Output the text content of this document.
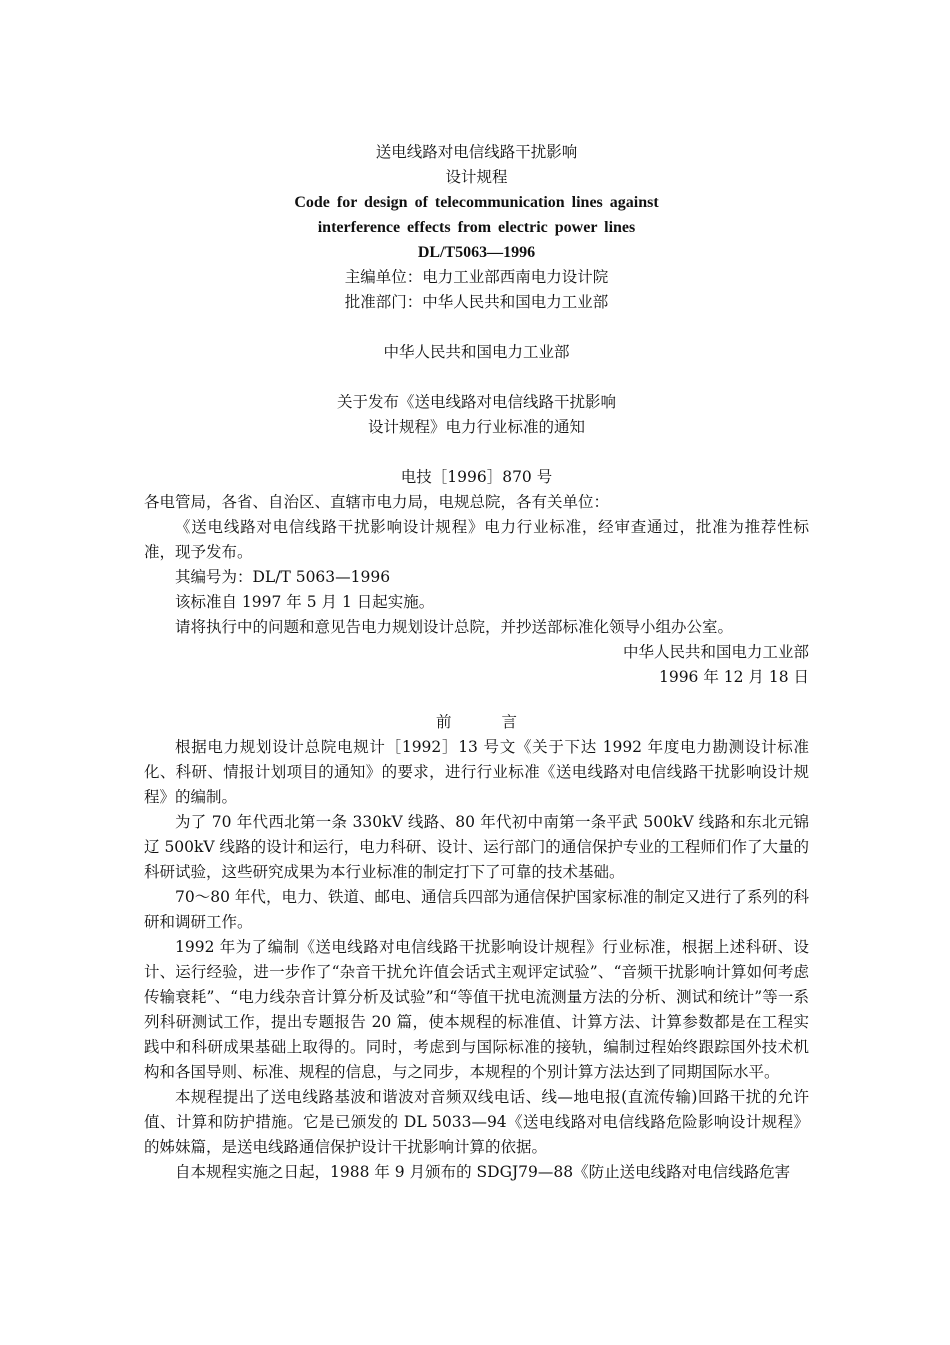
送电线路对电信线路干扰影响

设计规程

Code for design of telecommunication lines against

interference effects from electric power lines

DL/T5063—1996

主编单位：电力工业部西南电力设计院

批准部门：中华人民共和国电力工业部

中华人民共和国电力工业部

关于发布《送电线路对电信线路干扰影响

设计规程》电力行业标准的通知

电技［1996］870 号

各电管局，各省、自治区、直辖市电力局，电规总院，各有关单位：

《送电线路对电信线路干扰影响设计规程》电力行业标准，经审查通过，批准为推荐性标准，现予发布。

其编号为：DL/T 5063—1996

该标准自 1997 年 5 月 1 日起实施。

请将执行中的问题和意见告电力规划设计总院，并抄送部标准化领导小组办公室。

中华人民共和国电力工业部

1996 年 12 月 18 日

前言

根据电力规划设计总院电规计［1992］13 号文《关于下达 1992 年度电力勘测设计标准化、科研、情报计划项目的通知》的要求，进行行业标准《送电线路对电信线路干扰影响设计规程》的编制。

为了 70 年代西北第一条 330kV 线路、80 年代初中南第一条平武 500kV 线路和东北元锦辽 500kV 线路的设计和运行，电力科研、设计、运行部门的通信保护专业的工程师们作了大量的科研试验，这些研究成果为本行业标准的制定打下了可靠的技术基础。

70～80 年代，电力、铁道、邮电、通信兵四部为通信保护国家标准的制定又进行了系列的科研和调研工作。

1992 年为了编制《送电线路对电信线路干扰影响设计规程》行业标准，根据上述科研、设计、运行经验，进一步作了“杂音干扰允许值会话式主观评定试验”、“音频干扰影响计算如何考虑传输衰耗”、“电力线杂音计算分析及试验”和“等值干扰电流测量方法的分析、测试和统计”等一系列科研测试工作，提出专题报告 20 篇，使本规程的标准值、计算方法、计算参数都是在工程实践中和科研成果基础上取得的。同时，考虑到与国际标准的接轨，编制过程始终跟踪国外技术机构和各国导则、标准、规程的信息，与之同步，本规程的个别计算方法达到了同期国际水平。

本规程提出了送电线路基波和谐波对音频双线电话、线—地电报(直流传输)回路干扰的允许值、计算和防护措施。它是已颁发的 DL 5033—94《送电线路对电信线路危险影响设计规程》的姊妹篇，是送电线路通信保护设计干扰影响计算的依据。

自本规程实施之日起，1988 年 9 月颁布的 SDGJ79—88《防止送电线路对电信线路危害
